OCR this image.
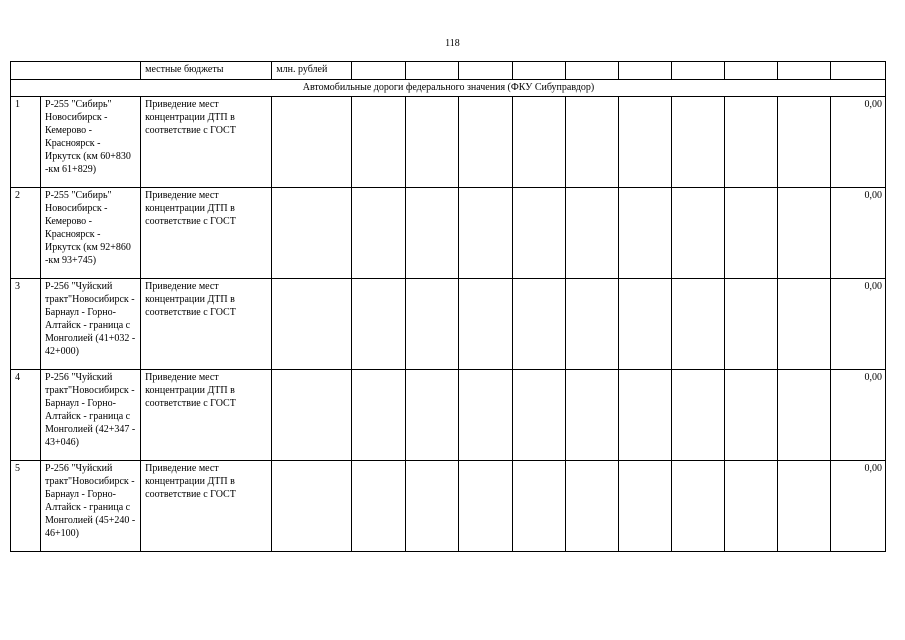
118
		местные бюджеты	млн. рублей										
Автомобильные дороги федерального значения (ФКУ Сибуправдор)													
1	Р-255 "Сибирь" Новосибирск - Кемерово - Красноярск - Иркутск (км 60+830 -км 61+829)	Приведение мест концентрации ДТП в соответствие с ГОСТ											0,00
2	Р-255 "Сибирь" Новосибирск - Кемерово - Красноярск - Иркутск (км 92+860 -км 93+745)	Приведение мест концентрации ДТП в соответствие с ГОСТ											0,00
3	Р-256 "Чуйский тракт"Новосибирск - Барнаул - Горно-Алтайск - граница с Монголией (41+032 - 42+000)	Приведение мест концентрации ДТП в соответствие с ГОСТ											0,00
4	Р-256 "Чуйский тракт"Новосибирск - Барнаул - Горно-Алтайск - граница с Монголией (42+347 - 43+046)	Приведение мест концентрации ДТП в соответствие с ГОСТ											0,00
5	Р-256 "Чуйский тракт"Новосибирск - Барнаул - Горно-Алтайск - граница с Монголией (45+240 - 46+100)	Приведение мест концентрации ДТП в соответствие с ГОСТ											0,00
